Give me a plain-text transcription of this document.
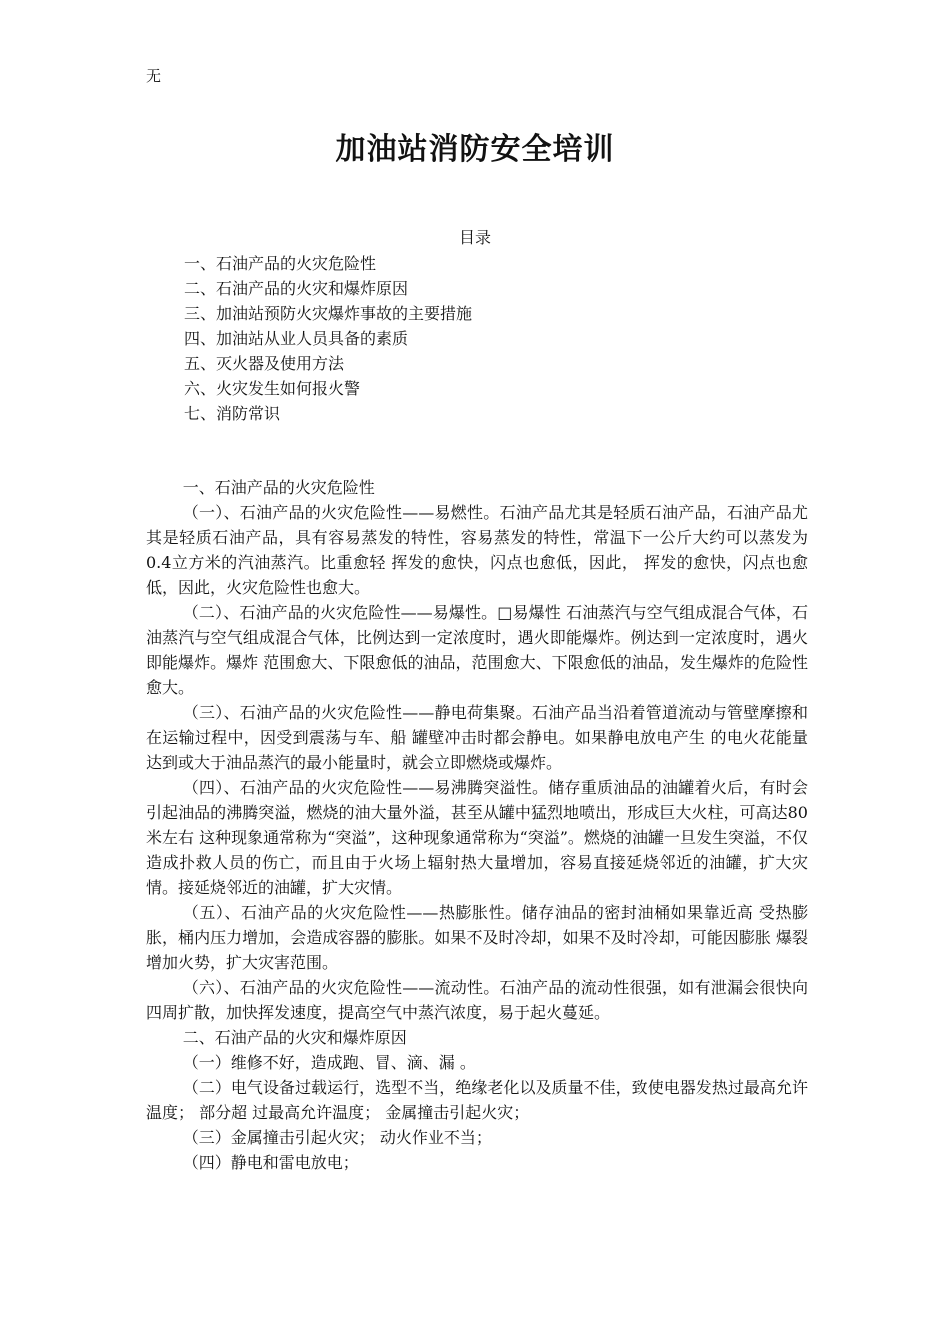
无
加油站消防安全培训
目录
一、石油产品的火灾危险性
二、石油产品的火灾和爆炸原因
三、加油站预防火灾爆炸事故的主要措施
四、加油站从业人员具备的素质
五、灭火器及使用方法
六、火灾发生如何报火警
七、消防常识

一、石油产品的火灾危险性

（一）、石油产品的火灾危险性——易燃性。石油产品尤其是轻质石油产品，石油产品尤其是轻质石油产品，具有容易蒸发的特性，容易蒸发的特性，常温下一公斤大约可以蒸发为0.4立方米的汽油蒸汽。比重愈轻 挥发的愈快，闪点也愈低，因此， 挥发的愈快，闪点也愈低，因此，火灾危险性也愈大。

（二）、石油产品的火灾危险性——易爆性。□易爆性 石油蒸汽与空气组成混合气体，石油蒸汽与空气组成混合气体，比例达到一定浓度时，遇火即能爆炸。例达到一定浓度时，遇火即能爆炸。爆炸 范围愈大、下限愈低的油品，范围愈大、下限愈低的油品，发生爆炸的危险性愈大。

（三）、石油产品的火灾危险性——静电荷集聚。石油产品当沿着管道流动与管壁摩擦和在运输过程中，因受到震荡与车、船 罐壁冲击时都会静电。如果静电放电产生 的电火花能量达到或大于油品蒸汽的最小能量时，就会立即燃烧或爆炸。

（四）、石油产品的火灾危险性——易沸腾突溢性。储存重质油品的油罐着火后，有时会引起油品的沸腾突溢，燃烧的油大量外溢，甚至从罐中猛烈地喷出，形成巨大火柱，可高达80米左右 这种现象通常称为“突溢”，这种现象通常称为“突溢”。燃烧的油罐一旦发生突溢，不仅造成扑救人员的伤亡，而且由于火场上辐射热大量增加，容易直接延烧邻近的油罐，扩大灾情。接延烧邻近的油罐，扩大灾情。

（五）、石油产品的火灾危险性——热膨胀性。储存油品的密封油桶如果靠近高 受热膨胀，桶内压力增加，会造成容器的膨胀。如果不及时冷却，如果不及时冷却，可能因膨胀 爆裂增加火势，扩大灾害范围。

（六）、石油产品的火灾危险性——流动性。石油产品的流动性很强，如有泄漏会很快向四周扩散，加快挥发速度，提高空气中蒸汽浓度，易于起火蔓延。

二、石油产品的火灾和爆炸原因

（一）维修不好，造成跑、冒、滴、漏 。

（二）电气设备过载运行，选型不当，绝缘老化以及质量不佳，致使电器发热过最高允许温度； 部分超 过最高允许温度； 金属撞击引起火灾；

（三）金属撞击引起火灾； 动火作业不当；

（四）静电和雷电放电；
